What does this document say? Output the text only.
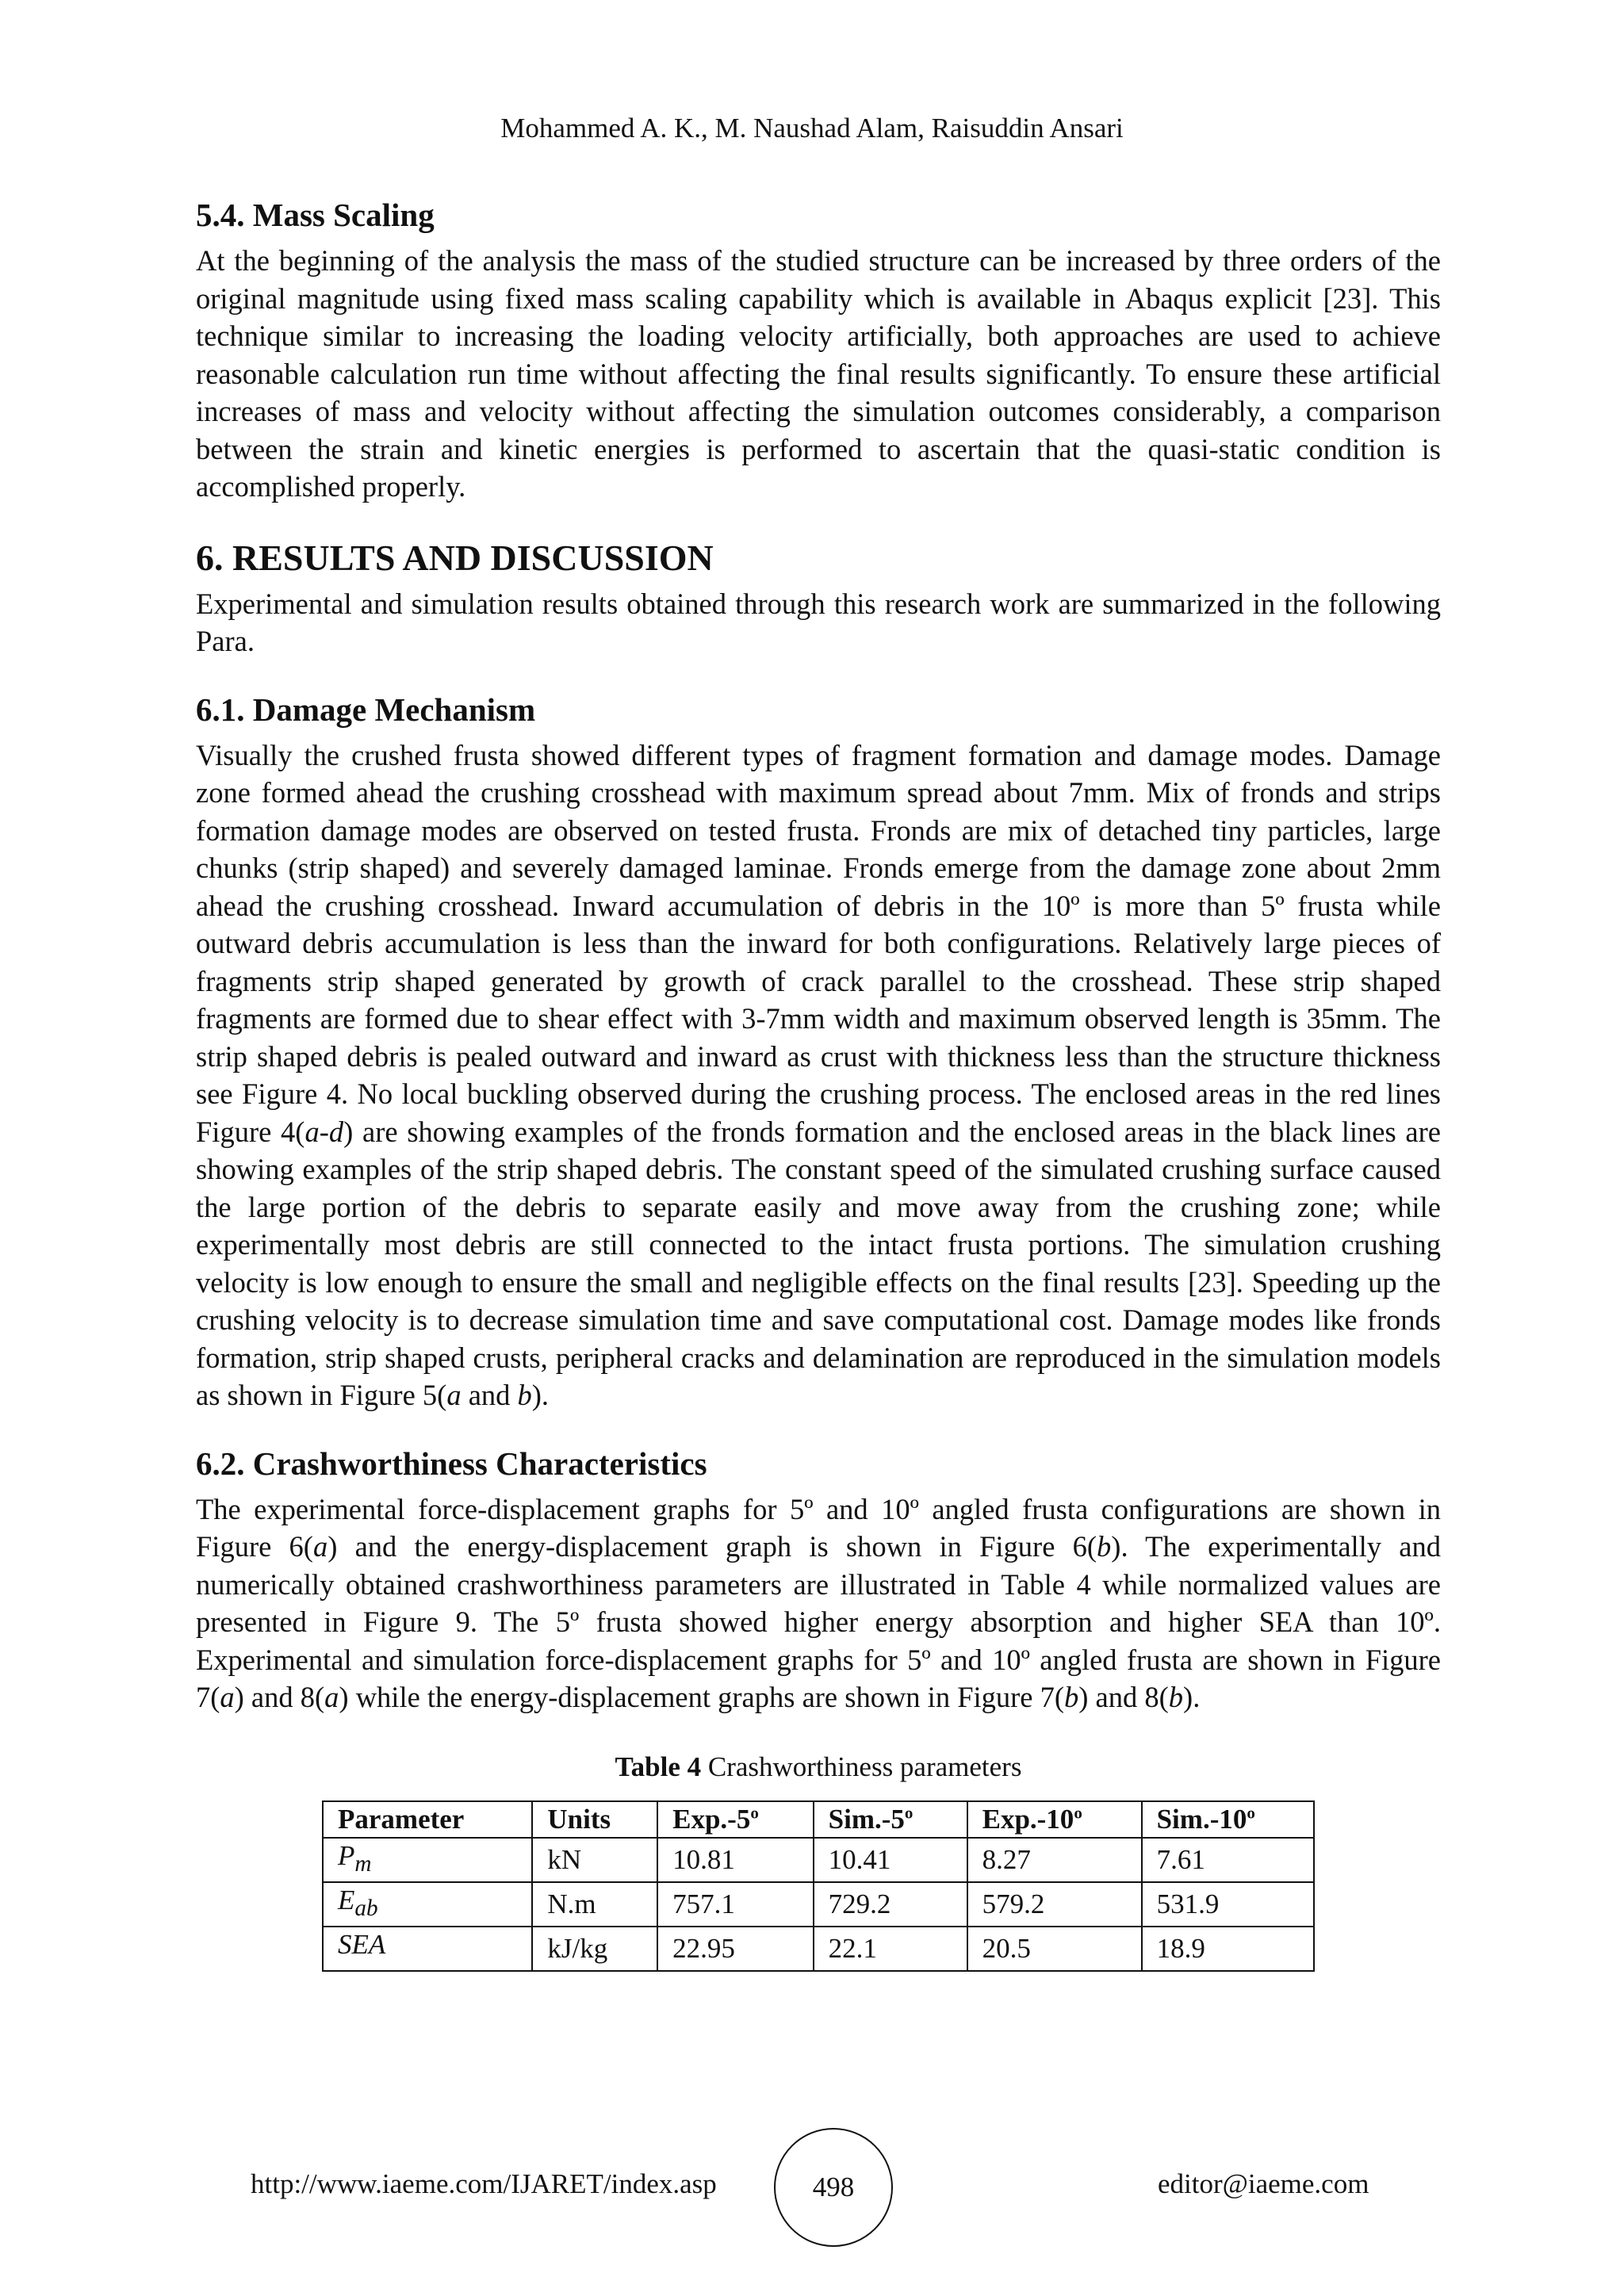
Mohammed A. K., M. Naushad Alam, Raisuddin Ansari
5.4. Mass Scaling

At the beginning of the analysis the mass of the studied structure can be increased by three orders of the original magnitude using fixed mass scaling capability which is available in Abaqus explicit [23]. This technique similar to increasing the loading velocity artificially, both approaches are used to achieve reasonable calculation run time without affecting the final results significantly. To ensure these artificial increases of mass and velocity without affecting the simulation outcomes considerably, a comparison between the strain and kinetic energies is performed to ascertain that the quasi-static condition is accomplished properly.

6. RESULTS AND DISCUSSION

Experimental and simulation results obtained through this research work are summarized in the following Para.

6.1. Damage Mechanism

Visually the crushed frusta showed different types of fragment formation and damage modes. Damage zone formed ahead the crushing crosshead with maximum spread about 7mm. Mix of fronds and strips formation damage modes are observed on tested frusta. Fronds are mix of detached tiny particles, large chunks (strip shaped) and severely damaged laminae. Fronds emerge from the damage zone about 2mm ahead the crushing crosshead. Inward accumulation of debris in the 10º is more than 5º frusta while outward debris accumulation is less than the inward for both configurations. Relatively large pieces of fragments strip shaped generated by growth of crack parallel to the crosshead. These strip shaped fragments are formed due to shear effect with 3-7mm width and maximum observed length is 35mm. The strip shaped debris is pealed outward and inward as crust with thickness less than the structure thickness see Figure 4. No local buckling observed during the crushing process. The enclosed areas in the red lines Figure 4(a-d) are showing examples of the fronds formation and the enclosed areas in the black lines are showing examples of the strip shaped debris. The constant speed of the simulated crushing surface caused the large portion of the debris to separate easily and move away from the crushing zone; while experimentally most debris are still connected to the intact frusta portions. The simulation crushing velocity is low enough to ensure the small and negligible effects on the final results [23]. Speeding up the crushing velocity is to decrease simulation time and save computational cost. Damage modes like fronds formation, strip shaped crusts, peripheral cracks and delamination are reproduced in the simulation models as shown in Figure 5(a and b).

6.2. Crashworthiness Characteristics

The experimental force-displacement graphs for 5º and 10º angled frusta configurations are shown in Figure 6(a) and the energy-displacement graph is shown in Figure 6(b). The experimentally and numerically obtained crashworthiness parameters are illustrated in Table 4 while normalized values are presented in Figure 9. The 5º frusta showed higher energy absorption and higher SEA than 10º. Experimental and simulation force-displacement graphs for 5º and 10º angled frusta are shown in Figure 7(a) and 8(a) while the energy-displacement graphs are shown in Figure 7(b) and 8(b).

Table 4 Crashworthiness parameters
Parameter	Units	Exp.-5$^o$	Sim.-5$^o$	Exp.-10$^o$	Sim.-10$^o$
$P_m$	kN	10.81	10.41	8.27	7.61
$E_{ab}$	N.m	757.1	729.2	579.2	531.9
SEA	kJ/kg	22.95	22.1	20.5	18.9
http://www.iaeme.com/IJARET/index.asp	498	editor@iaeme.com
